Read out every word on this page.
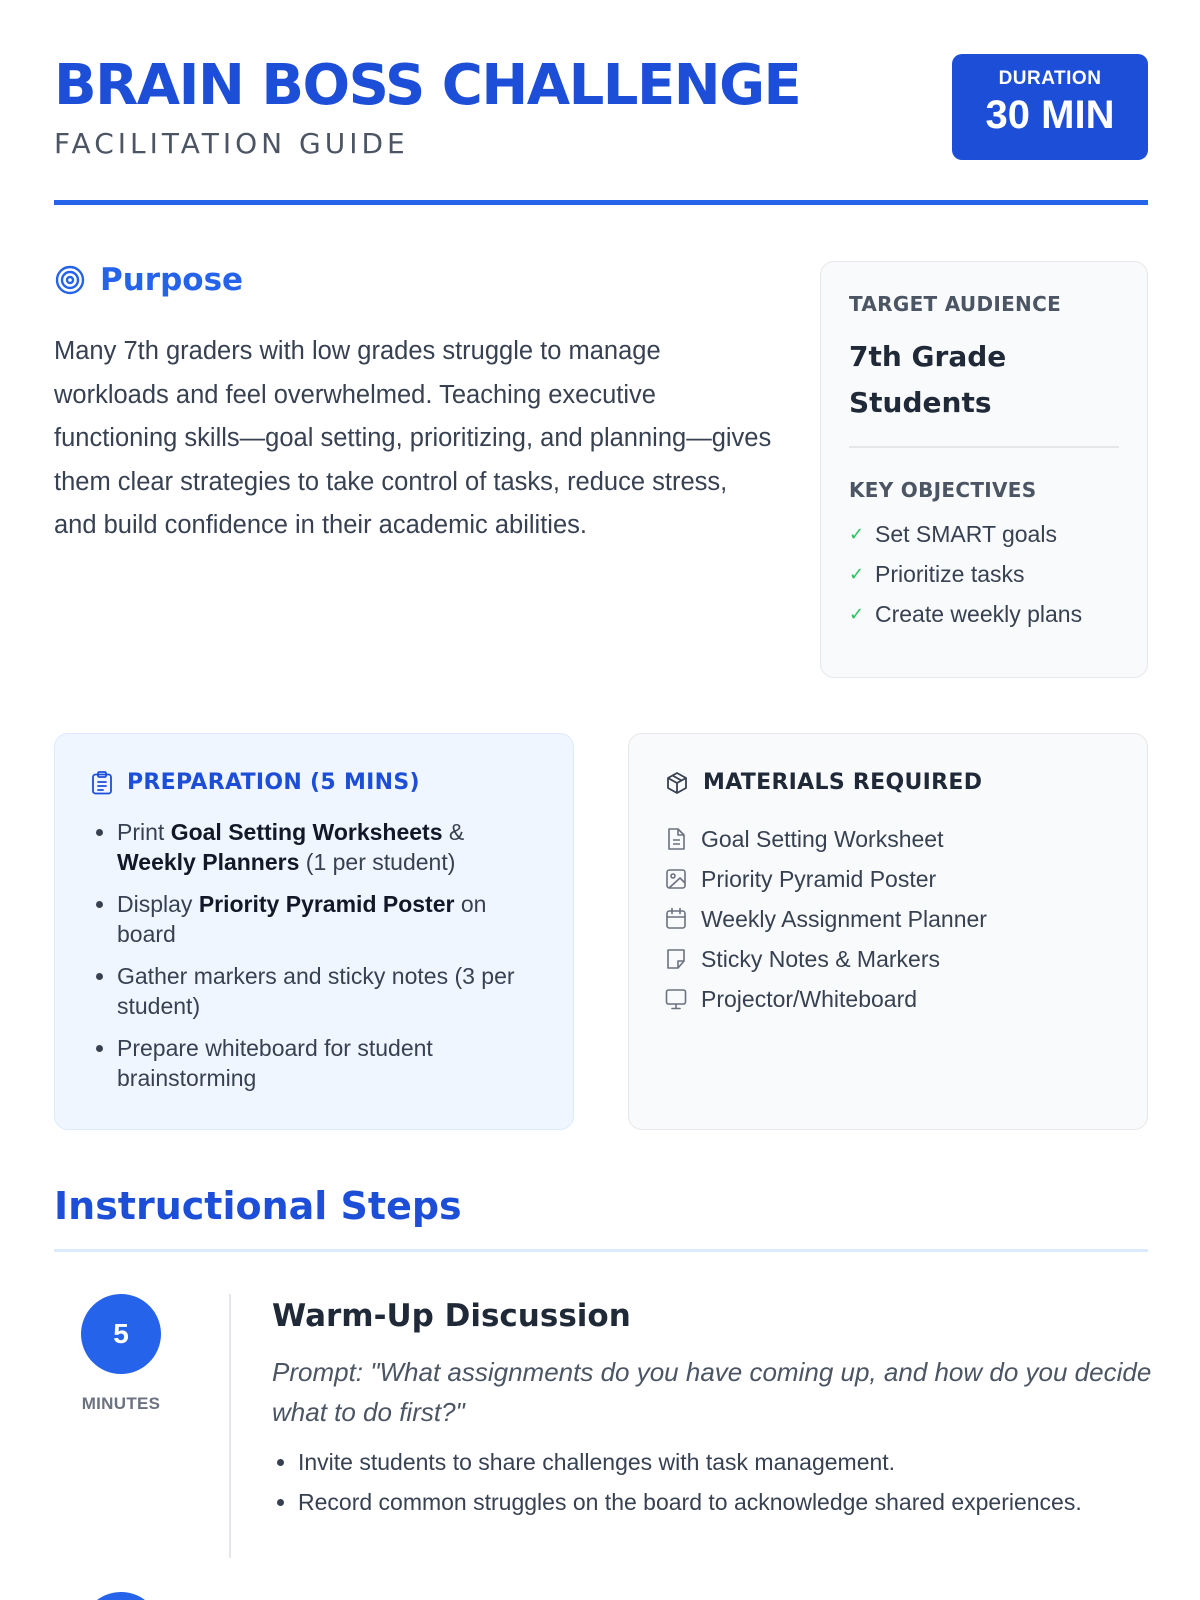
BRAIN BOSS CHALLENGE
FACILITATION GUIDE
DURATION
30 MIN
Purpose

Many 7th graders with low grades struggle to manage workloads and feel overwhelmed. Teaching executive functioning skills—goal setting, prioritizing, and planning—gives them clear strategies to take control of tasks, reduce stress, and build confidence in their academic abilities.

TARGET AUDIENCE
7th Grade Students
KEY OBJECTIVES
✓ Set SMART goals
✓ Prioritize tasks
✓ Create weekly plans
PREPARATION (5 MINS)
• Print Goal Setting Worksheets & Weekly Planners (1 per student)
• Display Priority Pyramid Poster on board
• Gather markers and sticky notes (3 per student)
• Prepare whiteboard for student brainstorming
MATERIALS REQUIRED
Goal Setting Worksheet
Priority Pyramid Poster
Weekly Assignment Planner
Sticky Notes & Markers
Projector/Whiteboard
Instructional Steps
5
MINUTES
Warm-Up Discussion

Prompt: "What assignments do you have coming up, and how do you decide what to do first?"

• Invite students to share challenges with task management.
• Record common struggles on the board to acknowledge shared experiences.
